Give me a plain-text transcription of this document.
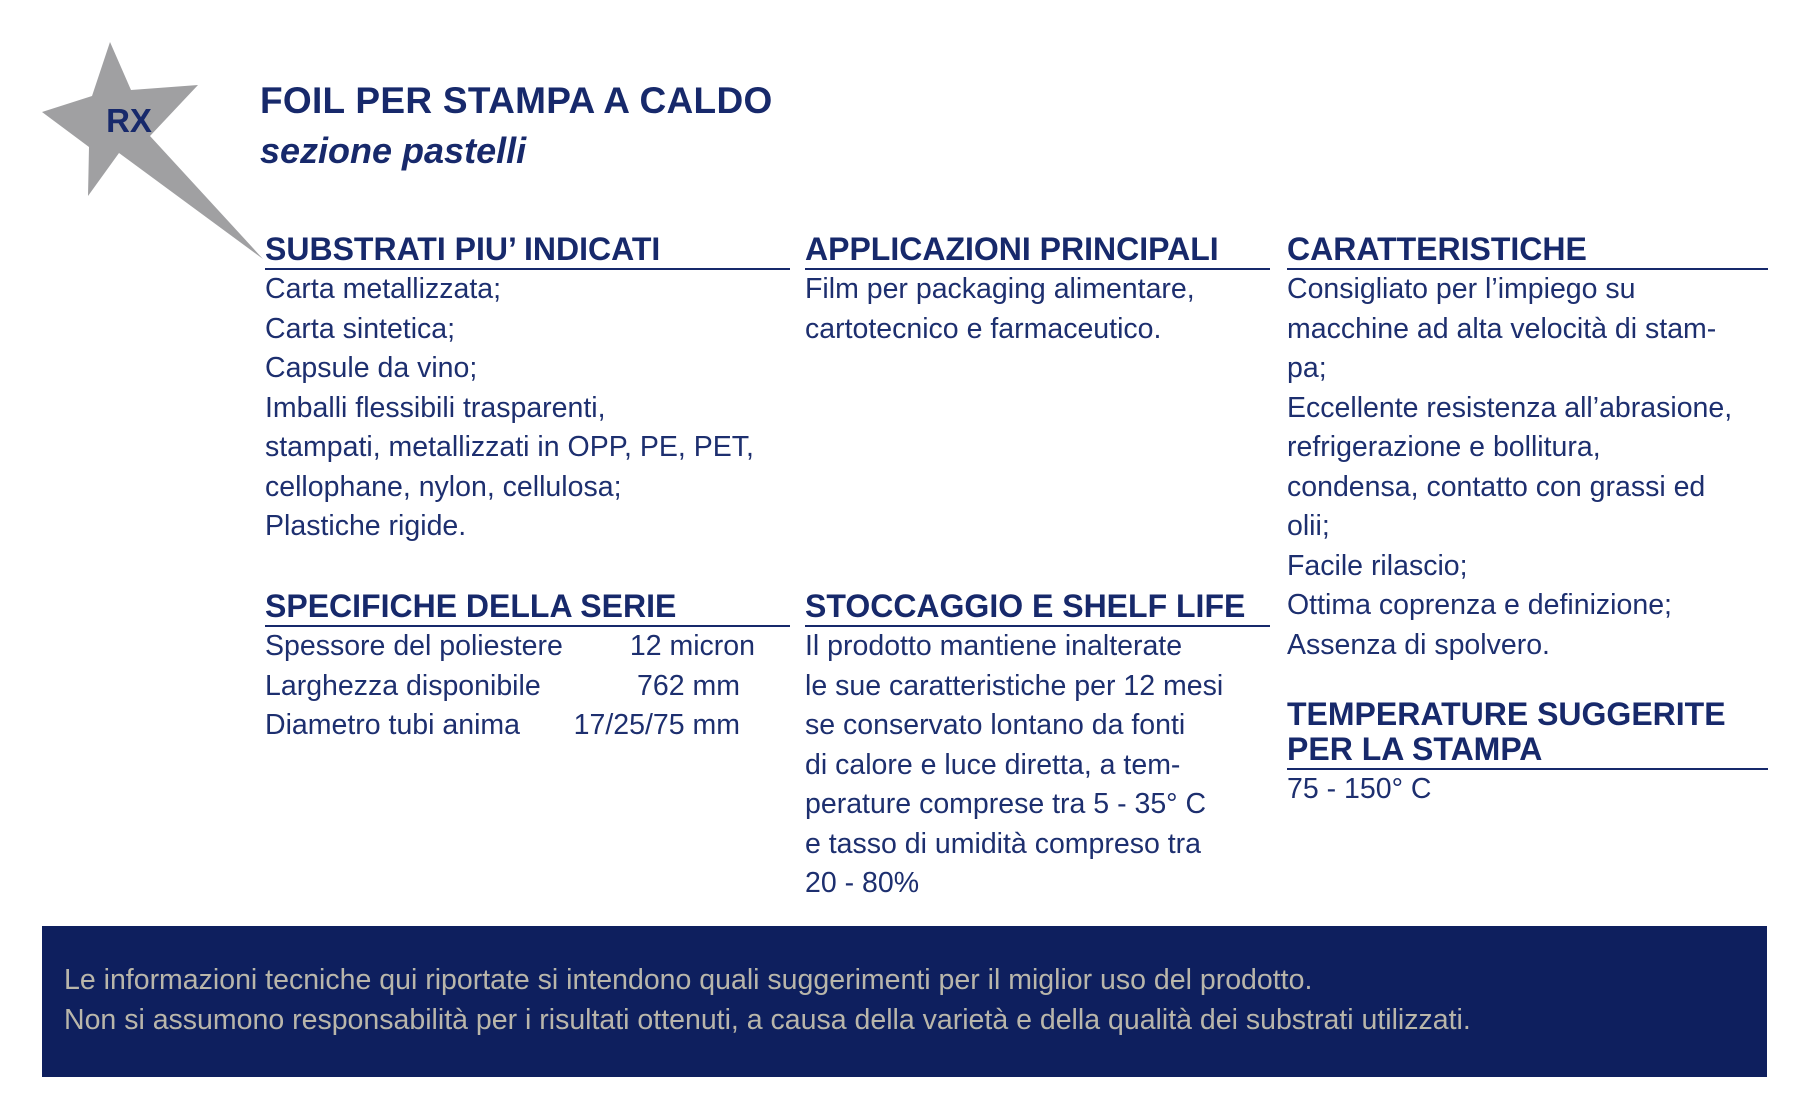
RX	FOIL PER STAMPA A CALDO
sezione pastelli
SUBSTRATI PIU’ INDICATI
Carta metallizzata;
Carta sintetica;
Capsule da vino;
Imballi flessibili trasparenti,
stampati, metallizzati in OPP, PE, PET,
cellophane, nylon, cellulosa;
Plastiche rigide.
SPECIFICHE DELLA SERIE
Spessore del poliestere	12 micron
Larghezza disponibile	762 mm
Diametro tubi anima	17/25/75 mm
APPLICAZIONI PRINCIPALI
Film per packaging alimentare,
cartotecnico e farmaceutico.
STOCCAGGIO E SHELF LIFE
Il prodotto mantiene inalterate
le sue caratteristiche per 12 mesi
se conservato lontano da fonti
di calore e luce diretta, a tem-
perature comprese tra 5 - 35° C
e tasso di umidità compreso tra
20 - 80%
CARATTERISTICHE
Consigliato per l’impiego su
macchine ad alta velocità di stam-
pa;
Eccellente resistenza all’abrasione,
refrigerazione e bollitura,
condensa, contatto con grassi ed
olii;
Facile rilascio;
Ottima coprenza e definizione;
Assenza di spolvero.
TEMPERATURE SUGGERITE
PER LA STAMPA
75 - 150° C
Le informazioni tecniche qui riportate si intendono quali suggerimenti per il miglior uso del prodotto.
Non si assumono responsabilità per i risultati ottenuti, a causa della varietà e della qualità dei substrati utilizzati.
